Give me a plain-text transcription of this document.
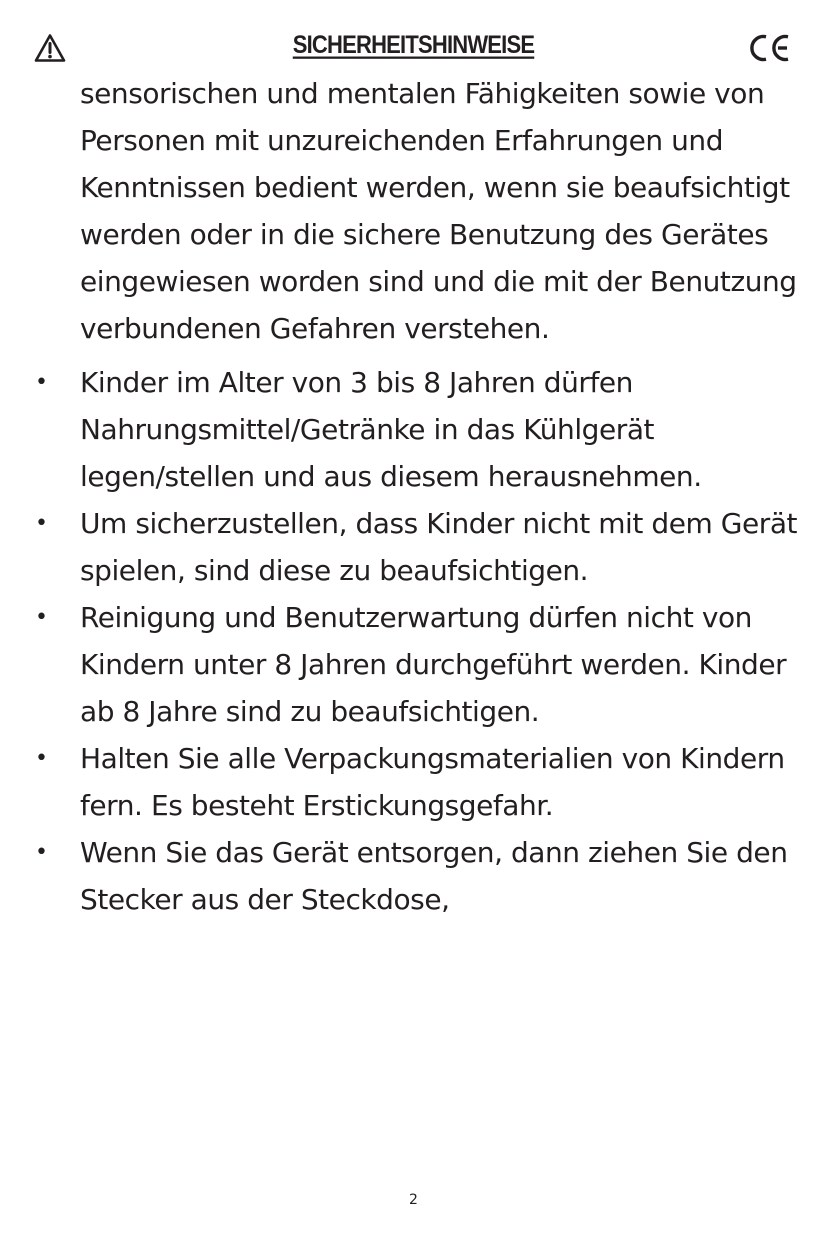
SICHERHEITSHINWEISE
sensorischen und mentalen Fähigkeiten sowie von Personen mit unzureichenden Erfahrungen und Kenntnissen bedient werden, wenn sie beaufsichtigt werden oder in die sichere Benutzung des Gerätes eingewiesen worden sind und die mit der Benutzung verbundenen Gefahren verstehen.
• Kinder im Alter von 3 bis 8 Jahren dürfen Nahrungsmittel/Getränke in das Kühlgerät legen/stellen und aus diesem herausnehmen.
• Um sicherzustellen, dass Kinder nicht mit dem Gerät spielen, sind diese zu beaufsichtigen.
• Reinigung und Benutzerwartung dürfen nicht von Kindern unter 8 Jahren durchgeführt werden. Kinder ab 8 Jahre sind zu beaufsichtigen.
• Halten Sie alle Verpackungsmaterialien von Kindern fern. Es besteht Erstickungsgefahr.
• Wenn Sie das Gerät entsorgen, dann ziehen Sie den Stecker aus der Steckdose,
2
